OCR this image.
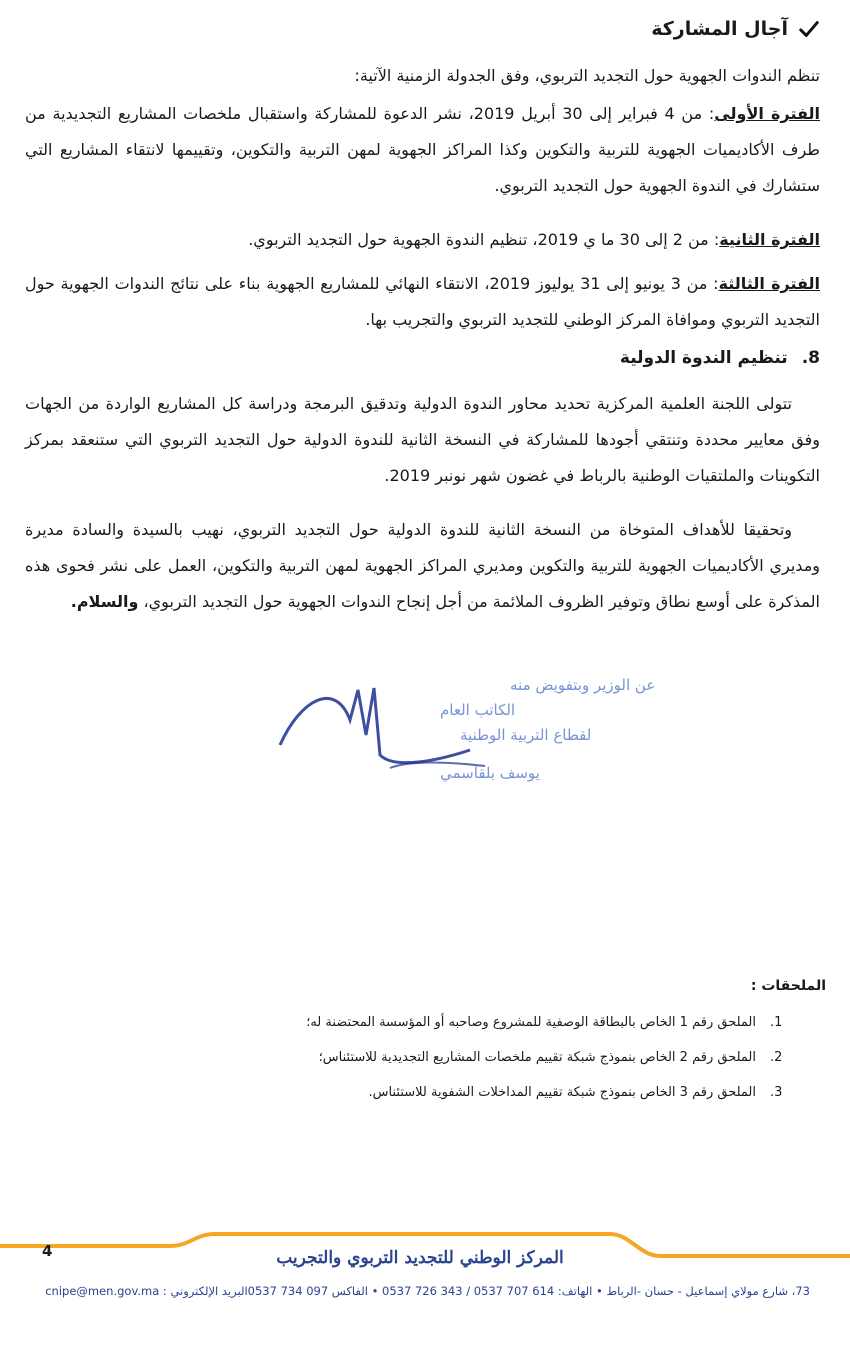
آجال المشاركة
تنظم الندوات الجهوية حول التجديد التربوي، وفق الجدولة الزمنية الآتية:
الفترة الأولى: من 4 فبراير إلى 30 أبريل 2019، نشر الدعوة للمشاركة واستقبال ملخصات المشاريع التجديدية من طرف الأكاديميات الجهوية للتربية والتكوين وكذا المراكز الجهوية لمهن التربية والتكوين، وتقييمها لانتقاء المشاريع التي ستشارك في الندوة الجهوية حول التجديد التربوي.
الفترة الثانية: من 2 إلى 30 ما ي 2019، تنظيم الندوة الجهوية حول التجديد التربوي.
الفترة الثالثة: من 3 يونيو إلى 31 يوليوز 2019، الانتقاء النهائي للمشاريع الجهوية بناء على نتائج الندوات الجهوية حول التجديد التربوي وموافاة المركز الوطني للتجديد التربوي والتجريب بها.
8.تنظيم الندوة الدولية
تتولى اللجنة العلمية المركزية تحديد محاور الندوة الدولية وتدقيق البرمجة ودراسة كل المشاريع الواردة من الجهات وفق معايير محددة وتنتقي أجودها للمشاركة في النسخة الثانية للندوة الدولية حول التجديد التربوي التي ستنعقد بمركز التكوينات والملتقيات الوطنية بالرباط في غضون شهر نونبر 2019.
وتحقيقا للأهداف المتوخاة من النسخة الثانية للندوة الدولية حول التجديد التربوي، نهيب بالسيدة والسادة مديرة ومديري الأكاديميات الجهوية للتربية والتكوين ومديري المراكز الجهوية لمهن التربية والتكوين، العمل على نشر فحوى هذه المذكرة على أوسع نطاق وتوفير الظروف الملائمة من أجل إنجاح الندوات الجهوية حول التجديد التربوي، والسلام.
عن الوزير وبتفويض منه
الكاتب العام
لقطاع التربية الوطنية
يوسف بلقاسمي
الملحقات :
1.
الملحق رقم 1 الخاص بالبطاقة الوصفية للمشروع وصاحبه أو المؤسسة المحتضنة له؛
2.
الملحق رقم 2 الخاص بنموذج شبكة تقييم ملخصات المشاريع التجديدية للاستئناس؛
3.
الملحق رقم 3 الخاص بنموذج شبكة تقييم المداخلات الشفوية للاستئناس.
4	المركز الوطني للتجديد التربوي والتجريب
73، شارع مولاي إسماعيل - حسان -الرباط • الهاتف: 614 707 0537 / 343 726 0537 • الفاكس 097 734 0537البريد الإلكتروني : cnipe@men.gov.ma
